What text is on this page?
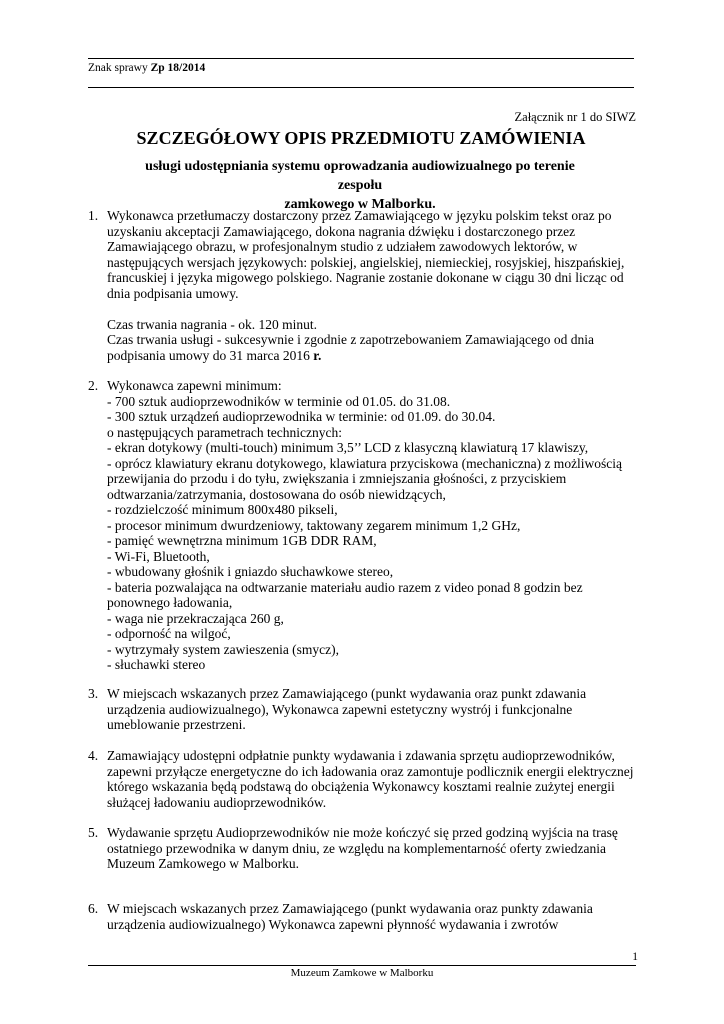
Znak sprawy Zp 18/2014
Załącznik nr 1 do SIWZ
SZCZEGÓŁOWY OPIS PRZEDMIOTU ZAMÓWIENIA
usługi udostępniania systemu oprowadzania audiowizualnego po terenie zespołu
zamkowego w Malborku.
1. Wykonawca przetłumaczy dostarczony przez Zamawiającego w języku polskim tekst oraz po

uzyskaniu akceptacji Zamawiającego, dokona nagrania dźwięku i dostarczonego przez

Zamawiającego obrazu, w profesjonalnym studio z udziałem zawodowych lektorów, w

następujących wersjach językowych: polskiej, angielskiej, niemieckiej, rosyjskiej, hiszpańskiej,

francuskiej i języka migowego polskiego. Nagranie zostanie dokonane w ciągu 30 dni licząc od

dnia podpisania umowy.

Czas trwania nagrania - ok. 120 minut.

Czas trwania usługi - sukcesywnie i zgodnie z zapotrzebowaniem Zamawiającego od dnia

podpisania umowy do 31 marca 2016 r.

2. Wykonawca zapewni minimum:

- 700 sztuk audioprzewodników w terminie od 01.05. do 31.08.

- 300 sztuk urządzeń audioprzewodnika w terminie: od 01.09. do 30.04.

o następujących parametrach technicznych:

- ekran dotykowy (multi-touch) minimum 3,5’’ LCD z klasyczną klawiaturą 17 klawiszy,

- oprócz klawiatury ekranu dotykowego, klawiatura przyciskowa (mechaniczna) z możliwością

przewijania do przodu i do tyłu, zwiększania i zmniejszania głośności, z przyciskiem

odtwarzania/zatrzymania, dostosowana do osób niewidzących,

- rozdzielczość minimum 800x480 pikseli,

- procesor minimum dwurdzeniowy, taktowany zegarem minimum 1,2 GHz,

- pamięć wewnętrzna minimum 1GB DDR RAM,

- Wi-Fi, Bluetooth,

- wbudowany głośnik i gniazdo słuchawkowe stereo,

- bateria pozwalająca na odtwarzanie materiału audio razem z video ponad 8 godzin bez

ponownego ładowania,

- waga nie przekraczająca 260 g,

- odporność na wilgoć,

- wytrzymały system zawieszenia (smycz),

- słuchawki stereo

3. W miejscach wskazanych przez Zamawiającego (punkt wydawania oraz punkt zdawania

urządzenia audiowizualnego), Wykonawca zapewni estetyczny wystrój i funkcjonalne

umeblowanie przestrzeni.

4. Zamawiający udostępni odpłatnie punkty wydawania i zdawania sprzętu audioprzewodników,

zapewni przyłącze energetyczne do ich ładowania oraz zamontuje podlicznik energii elektrycznej

którego wskazania będą podstawą do obciążenia Wykonawcy kosztami realnie zużytej energii

służącej ładowaniu audioprzewodników.

5. Wydawanie sprzętu Audioprzewodników nie może kończyć się przed godziną wyjścia na trasę

ostatniego przewodnika w danym dniu, ze względu na komplementarność oferty zwiedzania

Muzeum Zamkowego w Malborku.

6. W miejscach wskazanych przez Zamawiającego (punkt wydawania oraz punkty zdawania

urządzenia audiowizualnego) Wykonawca zapewni płynność wydawania i zwrotów

1
Muzeum Zamkowe w Malborku
